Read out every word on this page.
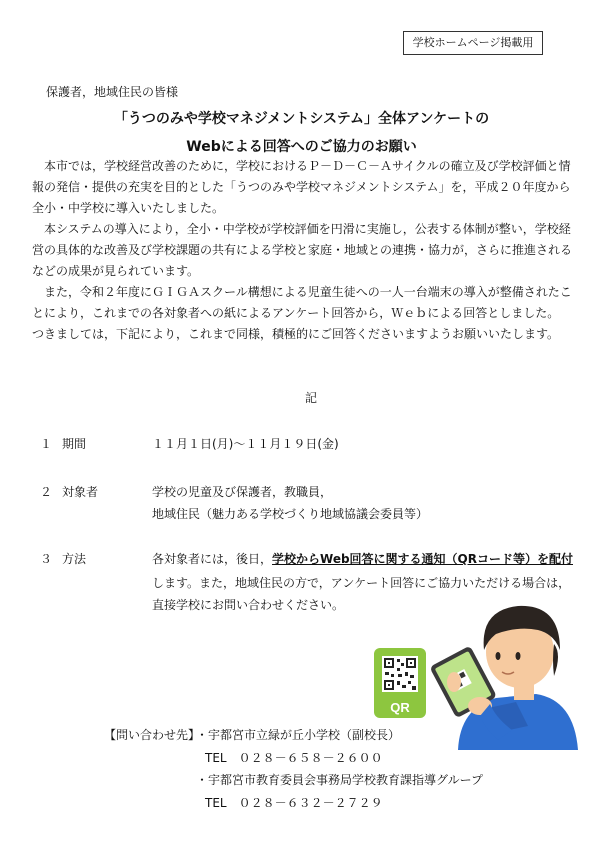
学校ホームページ掲載用
保護者，地域住民の皆様
「うつのみや学校マネジメントシステム」全体アンケートの
Webによる回答へのご協力のお願い
　本市では，学校経営改善のために，学校におけるＰ－Ｄ－Ｃ－Ａサイクルの確立及び学校評価と情
報の発信・提供の充実を目的とした「うつのみや学校マネジメントシステム」を，平成２０年度から
全小・中学校に導入いたしました。
　本システムの導入により，全小・中学校が学校評価を円滑に実施し，公表する体制が整い，学校経
営の具体的な改善及び学校課題の共有による学校と家庭・地域との連携・協力が，さらに推進される
などの成果が見られています。
　また，令和２年度にＧＩＧＡスクール構想による児童生徒への一人一台端末の導入が整備されたこ
とにより，これまでの各対象者への紙によるアンケート回答から，Ｗｅｂによる回答としました。
つきましては，下記により，これまで同様，積極的にご回答くださいますようお願いいたします。
記
１ 期間	１１月１日(月)～１１月１９日(金)
２ 対象者	学校の児童及び保護者，教職員，
地域住民（魅力ある学校づくり地域協議会委員等）
３ 方法	各対象者には，後日，学校からWeb回答に関する通知（QRコード等）を配付
します。また，地域住民の方で，アンケート回答にご協力いただける場合は，
直接学校にお問い合わせください。
QR
【問い合わせ先】
・宇都宮市立緑が丘小学校（副校長）
TEL　０２８－６５８－２６００
・宇都宮市教育委員会事務局学校教育課指導グループ
TEL　０２８－６３２－２７２９
